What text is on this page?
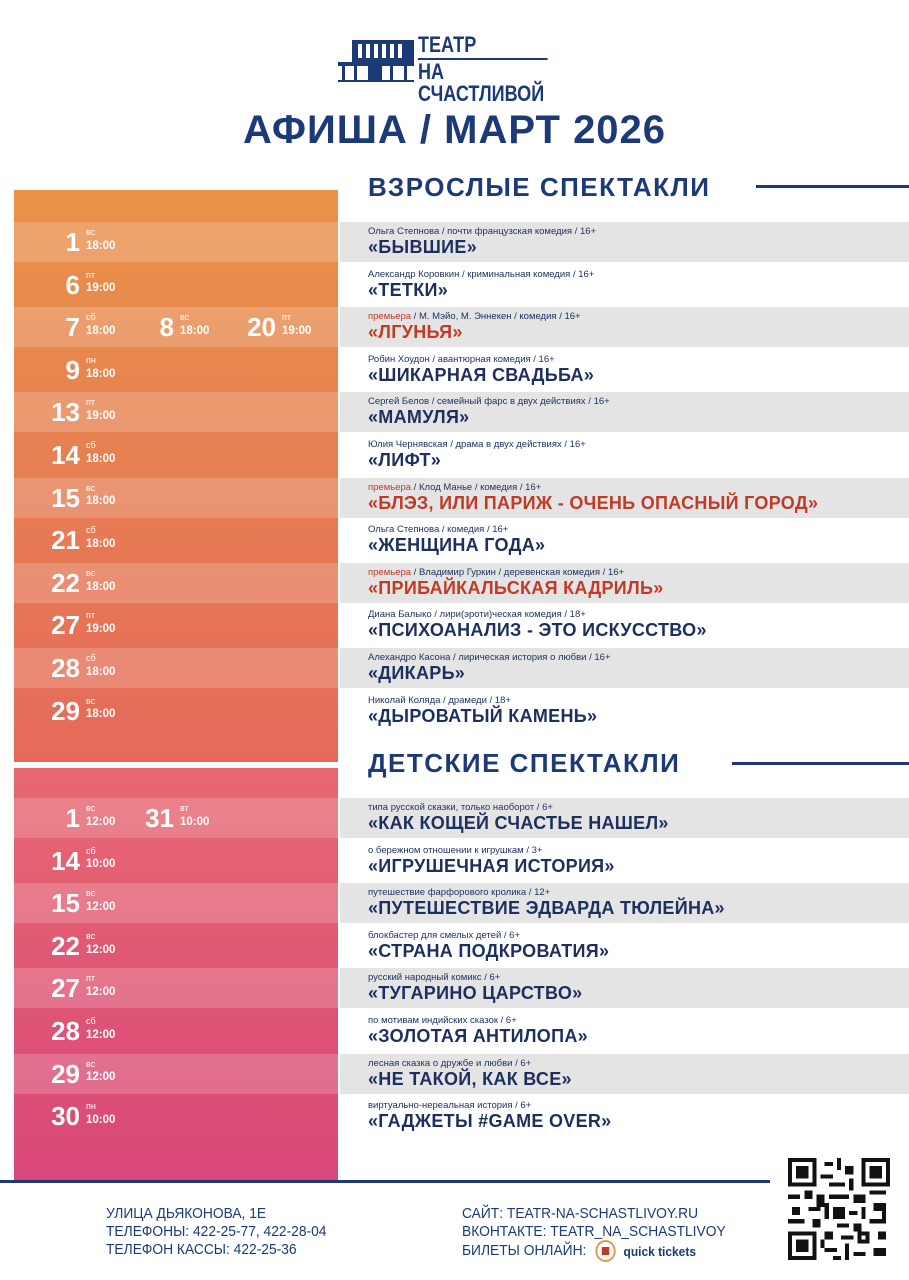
ТЕАТР
НА СЧАСТЛИВОЙ
АФИША / МАРТ 2026
ВЗРОСЛЫЕ СПЕКТАКЛИ
ДЕТСКИЕ СПЕКТАКЛИ
1 вс
18:00
Ольга Степнова / почти французская комедия / 16+
«БЫВШИЕ»
6 пт
19:00
Александр Коровкин / криминальная комедия / 16+
«ТЕТКИ»
7 сб
18:00 8 вс
18:00 20 пт
19:00
премьера / М. Мэйо, М. Эннекен / комедия / 16+
«ЛГУНЬЯ»
9 пн
18:00
Робин Хоудон / авантюрная комедия / 16+
«ШИКАРНАЯ СВАДЬБА»
13 пт
19:00
Сергей Белов / семейный фарс в двух действиях / 16+
«МАМУЛЯ»
14 сб
18:00
Юлия Чернявская / драма в двух действиях / 16+
«ЛИФТ»
15 вс
18:00
премьера / Клод Манье / комедия / 16+
«БЛЭЗ, ИЛИ ПАРИЖ - ОЧЕНЬ ОПАСНЫЙ ГОРОД»
21 сб
18:00
Ольга Степнова / комедия / 16+
«ЖЕНЩИНА ГОДА»
22 вс
18:00
премьера / Владимир Гуркин / деревенская комедия / 16+
«ПРИБАЙКАЛЬСКАЯ КАДРИЛЬ»
27 пт
19:00
Диана Балыко / лири(эроти)ческая комедия / 18+
«ПСИХОАНАЛИЗ - ЭТО ИСКУССТВО»
28 сб
18:00
Алехандро Касона / лирическая история о любви / 16+
«ДИКАРЬ»
29 вс
18:00
Николай Коляда / драмеди / 18+
«ДЫРОВАТЫЙ КАМЕНЬ»
1 вс
12:00 31 вт
10:00
типа русской сказки, только наоборот / 6+
«КАК КОЩЕЙ СЧАСТЬЕ НАШЕЛ»
14 сб
10:00
о бережном отношении к игрушкам / 3+
«ИГРУШЕЧНАЯ ИСТОРИЯ»
15 вс
12:00
путешествие фарфорового кролика / 12+
«ПУТЕШЕСТВИЕ ЭДВАРДА ТЮЛЕЙНА»
22 вс
12:00
блокбастер для смелых детей / 6+
«СТРАНА ПОДКРОВАТИЯ»
27 пт
12:00
русский народный комикс / 6+
«ТУГАРИНО ЦАРСТВО»
28 сб
12:00
по мотивам индийских сказок / 6+
«ЗОЛОТАЯ АНТИЛОПА»
29 вс
12:00
лесная сказка о дружбе и любви / 6+
«НЕ ТАКОЙ, КАК ВСЕ»
30 пн
10:00
виртуально-нереальная история / 6+
«ГАДЖЕТЫ #GAME OVER»
УЛИЦА ДЬЯКОНОВА, 1Е
ТЕЛЕФОНЫ: 422-25-77, 422-28-04
ТЕЛЕФОН КАССЫ: 422-25-36
САЙТ: TEATR-NA-SCHASTLIVOY.RU
ВКОНТАКТЕ: TEATR_NA_SCHASTLIVOY
БИЛЕТЫ ОНЛАЙН:	quick tickets
